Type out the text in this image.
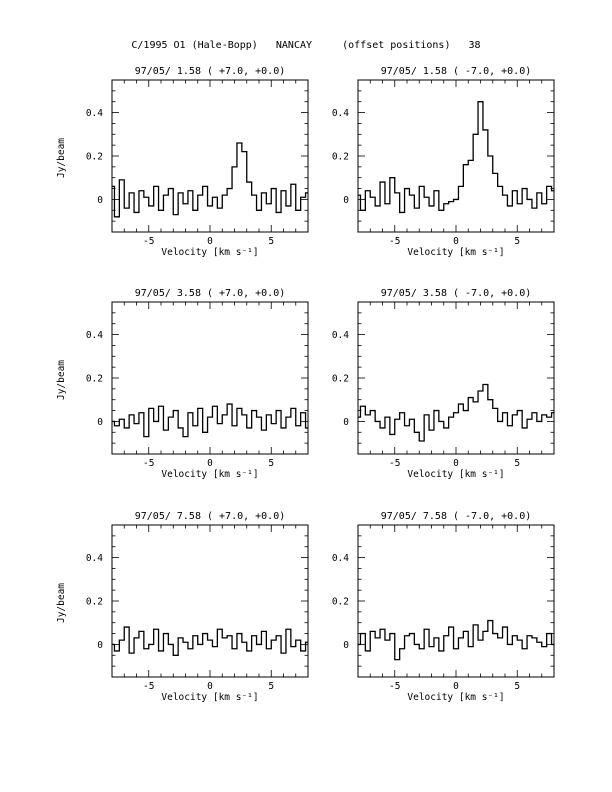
C/1995 O1 (Hale-Bopp)   NANCAY     (offset positions)   38
97/05/ 1.58 ( +7.0, +0.0)
-5	0	5
0
0.2
0.4
Velocity [km s⁻¹]
Jy/beam
97/05/ 1.58 ( -7.0, +0.0)
-5	0	5
0
0.2
0.4
Velocity [km s⁻¹]
97/05/ 3.58 ( +7.0, +0.0)
-5	0	5
0
0.2
0.4
Velocity [km s⁻¹]
Jy/beam
97/05/ 3.58 ( -7.0, +0.0)
-5	0	5
0
0.2
0.4
Velocity [km s⁻¹]
97/05/ 7.58 ( +7.0, +0.0)
-5	0	5
0
0.2
0.4
Velocity [km s⁻¹]
Jy/beam
97/05/ 7.58 ( -7.0, +0.0)
-5	0	5
0
0.2
0.4
Velocity [km s⁻¹]
